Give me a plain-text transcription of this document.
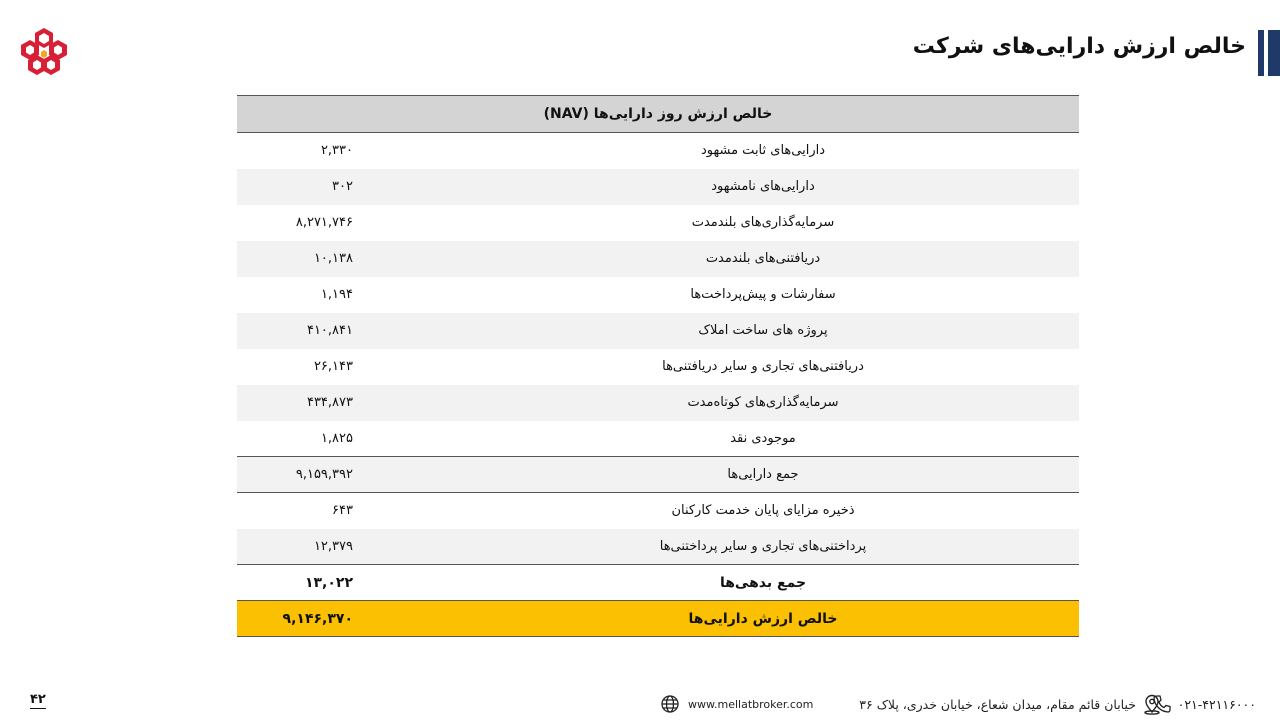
خالص ارزش دارایی‌های شرکت
خالص ارزش روز دارایی‌ها (NAV)	
دارایی‌های ثابت مشهود	۲,۳۳۰
دارایی‌های نامشهود	۳۰۲
سرمایه‌گذاری‌های بلندمدت	۸,۲۷۱,۷۴۶
دریافتنی‌های بلندمدت	۱۰,۱۳۸
سفارشات و پیش‌پرداخت‌ها	۱,۱۹۴
پروژه های ساخت املاک	۴۱۰,۸۴۱
دریافتنی‌های تجاری و سایر دریافتنی‌ها	۲۶,۱۴۳
سرمایه‌گذاری‌های کوتاه‌مدت	۴۳۴,۸۷۳
موجودی نقد	۱,۸۲۵
جمع دارایی‌ها	۹,۱۵۹,۳۹۲
ذخیره مزایای پایان خدمت کارکنان	۶۴۳
پرداختنی‌های تجاری و سایر پرداختنی‌ها	۱۲,۳۷۹
جمع بدهی‌ها	۱۳,۰۲۲
خالص ارزش دارایی‌ها	۹,۱۴۶,۳۷۰
۴۲	www.mellatbroker.com	خیابان قائم مقام، میدان شعاع، خیابان خدری، پلاک ۳۶	۰۲۱-۴۲۱۱۶۰۰۰
